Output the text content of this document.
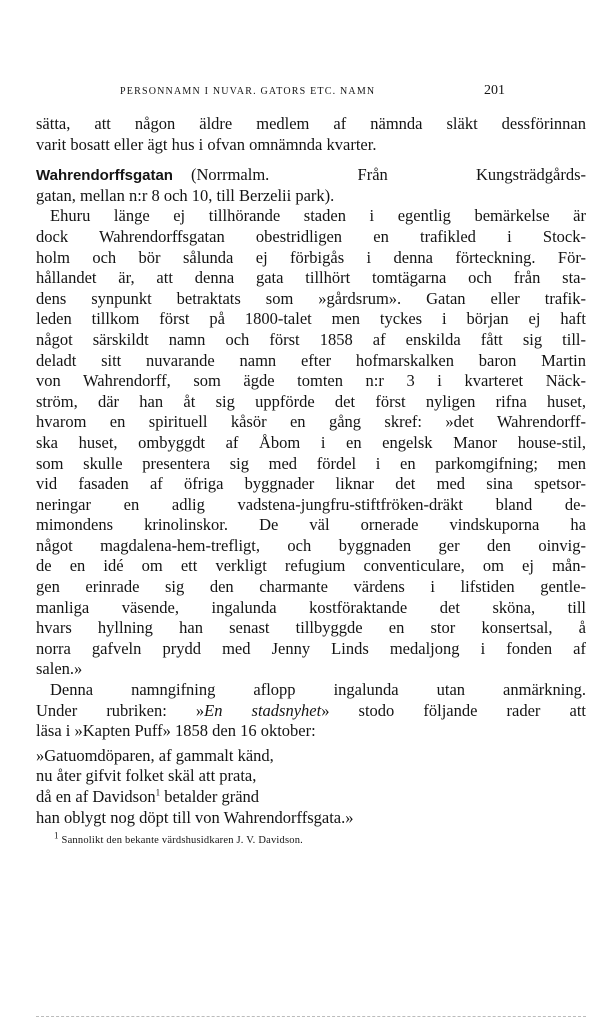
PERSONNAMN I NUVAR. GATORS ETC. NAMN	201
sätta, att någon äldre medlem af nämnda släkt dessförinnan
varit bosatt eller ägt hus i ofvan omnämnda kvarter.
Wahrendorffsgatan (Norrmalm. Från Kungsträdgårds-
gatan, mellan n:r 8 och 10, till Berzelii park).
Ehuru länge ej tillhörande staden i egentlig bemärkelse är
dock Wahrendorffsgatan obestridligen en trafikled i Stock-
holm och bör sålunda ej förbigås i denna förteckning. För-
hållandet är, att denna gata tillhört tomtägarna och från sta-
dens synpunkt betraktats som »gårdsrum». Gatan eller trafik-
leden tillkom först på 1800-talet men tyckes i början ej haft
något särskildt namn och först 1858 af enskilda fått sig till-
deladt sitt nuvarande namn efter hofmarskalken baron Martin
von Wahrendorff, som ägde tomten n:r 3 i kvarteret Näck-
ström, där han åt sig uppförde det först nyligen rifna huset,
hvarom en spirituell kåsör en gång skref: »det Wahrendorff-
ska huset, ombyggdt af Åbom i en engelsk Manor house-stil,
som skulle presentera sig med fördel i en parkomgifning; men
vid fasaden af öfriga byggnader liknar det med sina spetsor-
neringar en adlig vadstena-jungfru-stiftfröken-dräkt bland de-
mimondens krinolinskor. De väl ornerade vindskuporna ha
något magdalena-hem-trefligt, och byggnaden ger den oinvig-
de en idé om ett verkligt refugium conventiculare, om ej mån-
gen erinrade sig den charmante värdens i lifstiden gentle-
manliga väsende, ingalunda kostföraktande det sköna, till
hvars hyllning han senast tillbyggde en stor konsertsal, å
norra gafveln prydd med Jenny Linds medaljong i fonden af
salen.»
Denna namngifning aflopp ingalunda utan anmärkning.
Under rubriken: »En stadsnyhet» stodo följande rader att
läsa i »Kapten Puff» 1858 den 16 oktober:
»Gatuomdöparen, af gammalt känd,
nu åter gifvit folket skäl att prata,
då en af Davidson$^1$ betalder gränd
han oblygt nog döpt till von Wahrendorffsgata.»
$^1$ Sannolikt den bekante värdshusidkaren J. V. Davidson.
